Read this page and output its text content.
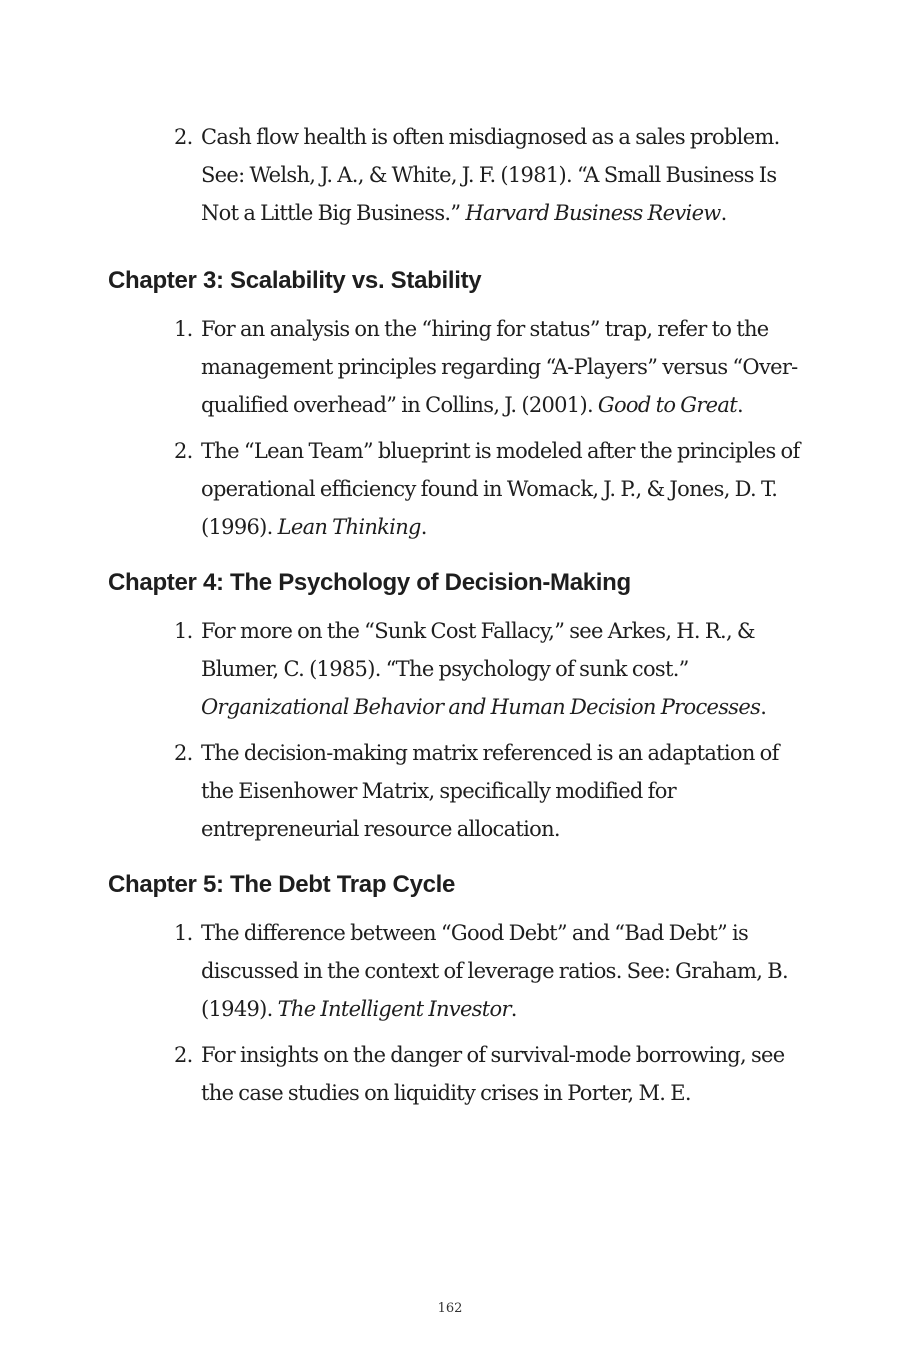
2. Cash flow health is often misdiagnosed as a sales problem. See: Welsh, J. A., & White, J. F. (1981). “A Small Business Is Not a Little Big Business.” Harvard Business Review.
Chapter 3: Scalability vs. Stability
1. For an analysis on the “hiring for status” trap, refer to the management principles regarding “A-Players” versus “Over-qualified overhead” in Collins, J. (2001). Good to Great.
2. The “Lean Team” blueprint is modeled after the principles of operational efficiency found in Womack, J. P., & Jones, D. T. (1996). Lean Thinking.
Chapter 4: The Psychology of Decision-Making
1. For more on the “Sunk Cost Fallacy,” see Arkes, H. R., & Blumer, C. (1985). “The psychology of sunk cost.” Organizational Behavior and Human Decision Processes.
2. The decision-making matrix referenced is an adaptation of the Eisenhower Matrix, specifically modified for entrepreneurial resource allocation.
Chapter 5: The Debt Trap Cycle
1. The difference between “Good Debt” and “Bad Debt” is discussed in the context of leverage ratios. See: Graham, B. (1949). The Intelligent Investor.
2. For insights on the danger of survival-mode borrowing, see the case studies on liquidity crises in Porter, M. E.
162
